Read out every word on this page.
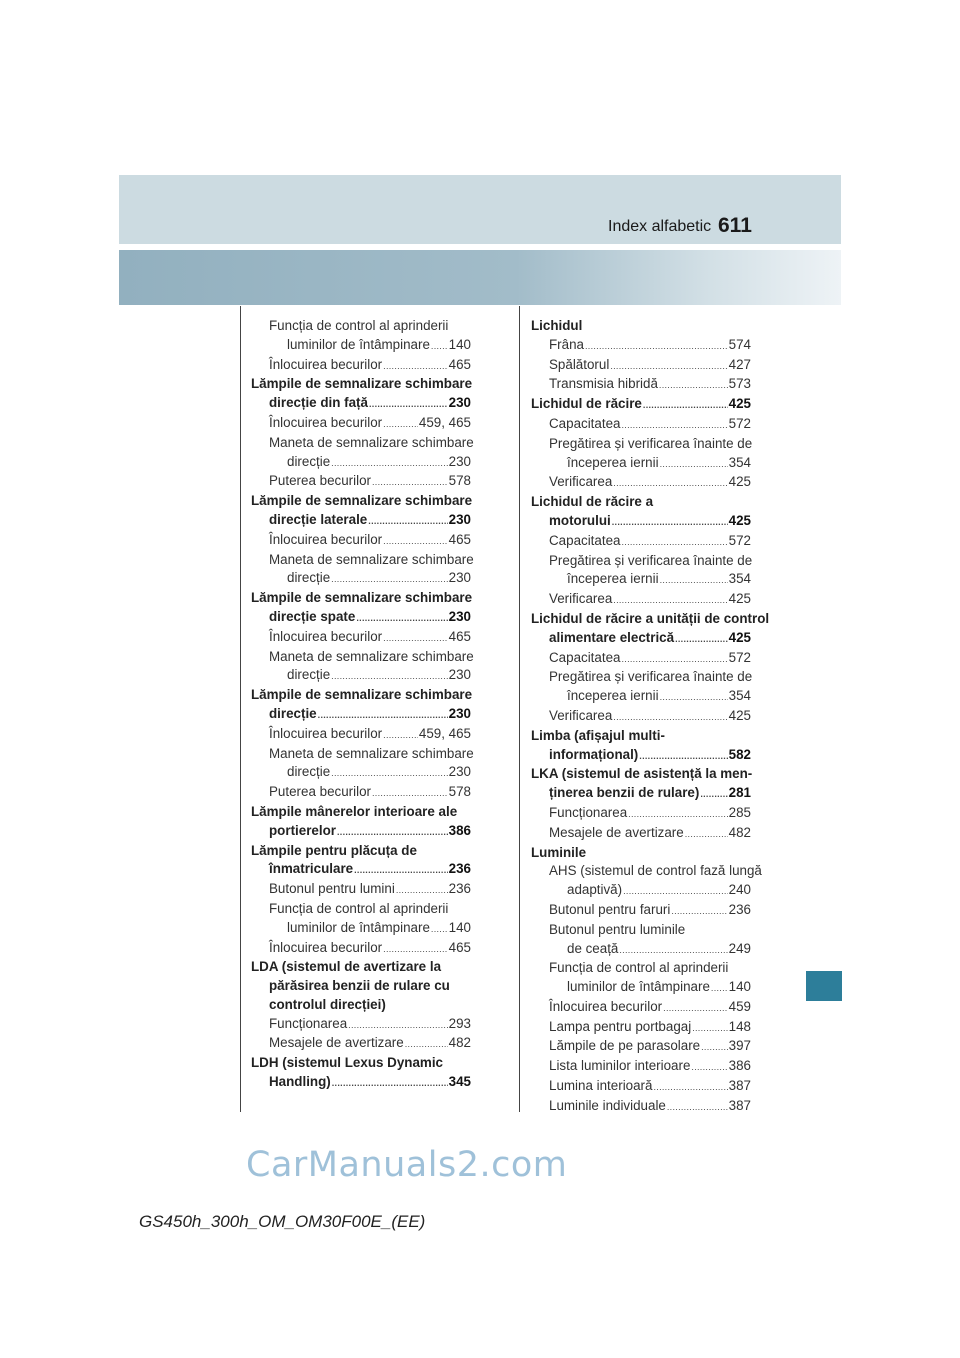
Index alfabetic 611
Funcția de control al aprinderii
luminilor de întâmpinare ..... 140
Înlocuirea becurilor .....	465
Lămpile de semnalizare schimbare
direcție din față .....	230
Înlocuirea becurilor .....	459, 465
Maneta de semnalizare schimbare
direcție .....	230
Puterea becurilor .....	578
Lămpile de semnalizare schimbare
direcție laterale .....	230
Înlocuirea becurilor .....	465
Maneta de semnalizare schimbare
direcție .....	230
Lămpile de semnalizare schimbare
direcție spate .....	230
Înlocuirea becurilor .....	465
Maneta de semnalizare schimbare
direcție .....	230
Lămpile de semnalizare schimbare
direcție .....	230
Înlocuirea becurilor .....	459, 465
Maneta de semnalizare schimbare
direcție .....	230
Puterea becurilor .....	578
Lămpile mânerelor interioare ale
portierelor .....	386
Lămpile pentru plăcuța de
înmatriculare .....	236
Butonul pentru lumini .....	236
Funcția de control al aprinderii
luminilor de întâmpinare ..... 140
Înlocuirea becurilor .....	465
LDA (sistemul de avertizare la
părăsirea benzii de rulare cu
controlul direcției)
Funcționarea .....	293
Mesajele de avertizare .....	482
LDH (sistemul Lexus Dynamic
Handling) .....	345
Lichidul
Frâna .....	574
Spălătorul .....	427
Transmisia hibridă .....	573
Lichidul de răcire .....	425
Capacitatea .....	572
Pregătirea și verificarea înainte de
începerea iernii .....	354
Verificarea .....	425
Lichidul de răcire a
motorului .....	425
Capacitatea .....	572
Pregătirea și verificarea înainte de
începerea iernii .....	354
Verificarea .....	425
Lichidul de răcire a unității de control
alimentare electrică .....	425
Capacitatea .....	572
Pregătirea și verificarea înainte de
începerea iernii .....	354
Verificarea .....	425
Limba (afișajul multi-
informațional) .....	582
LKA (sistemul de asistență la men-
ținerea benzii de rulare) ..... 281
Funcționarea .....	285
Mesajele de avertizare .....	482
Luminile
AHS (sistemul de control fază lungă
adaptivă) .....	240
Butonul pentru faruri .....	236
Butonul pentru luminile
de ceață .....	249
Funcția de control al aprinderii
luminilor de întâmpinare ..... 140
Înlocuirea becurilor .....	459
Lampa pentru portbagaj .....	148
Lămpile de pe parasolare ..... 397
Lista luminilor interioare .....	386
Lumina interioară .....	387
Luminile individuale .....	387
CarManuals2.com
GS450h_300h_OM_OM30F00E_(EE)
